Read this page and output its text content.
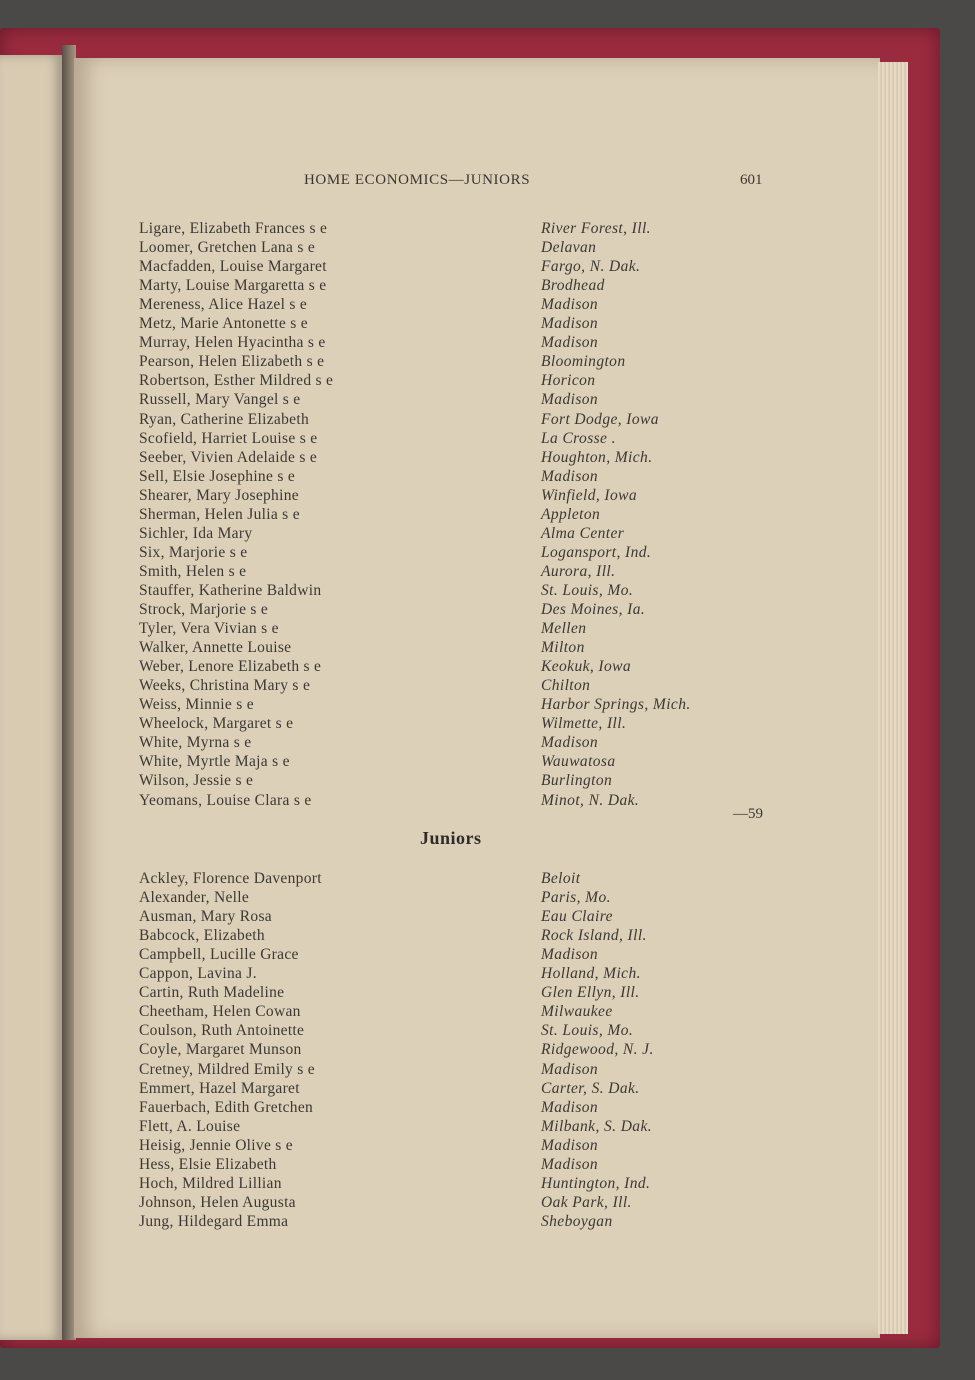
HOME ECONOMICS—JUNIORS	601
Ligare, Elizabeth Frances s e	River Forest, Ill.
Loomer, Gretchen Lana s e	Delavan
Macfadden, Louise Margaret	Fargo, N. Dak.
Marty, Louise Margaretta s e	Brodhead
Mereness, Alice Hazel s e	Madison
Metz, Marie Antonette s e	Madison
Murray, Helen Hyacintha s e	Madison
Pearson, Helen Elizabeth s e	Bloomington
Robertson, Esther Mildred s e	Horicon
Russell, Mary Vangel s e	Madison
Ryan, Catherine Elizabeth	Fort Dodge, Iowa
Scofield, Harriet Louise s e	La Crosse .
Seeber, Vivien Adelaide s e	Houghton, Mich.
Sell, Elsie Josephine s e	Madison
Shearer, Mary Josephine	Winfield, Iowa
Sherman, Helen Julia s e	Appleton
Sichler, Ida Mary	Alma Center
Six, Marjorie s e	Logansport, Ind.
Smith, Helen s e	Aurora, Ill.
Stauffer, Katherine Baldwin	St. Louis, Mo.
Strock, Marjorie s e	Des Moines, Ia.
Tyler, Vera Vivian s e	Mellen
Walker, Annette Louise	Milton
Weber, Lenore Elizabeth s e	Keokuk, Iowa
Weeks, Christina Mary s e	Chilton
Weiss, Minnie s e	Harbor Springs, Mich.
Wheelock, Margaret s e	Wilmette, Ill.
White, Myrna s e	Madison
White, Myrtle Maja s e	Wauwatosa
Wilson, Jessie s e	Burlington
Yeomans, Louise Clara s e	Minot, N. Dak.
—59
Juniors
Ackley, Florence Davenport	Beloit
Alexander, Nelle	Paris, Mo.
Ausman, Mary Rosa	Eau Claire
Babcock, Elizabeth	Rock Island, Ill.
Campbell, Lucille Grace	Madison
Cappon, Lavina J.	Holland, Mich.
Cartin, Ruth Madeline	Glen Ellyn, Ill.
Cheetham, Helen Cowan	Milwaukee
Coulson, Ruth Antoinette	St. Louis, Mo.
Coyle, Margaret Munson	Ridgewood, N. J.
Cretney, Mildred Emily s e	Madison
Emmert, Hazel Margaret	Carter, S. Dak.
Fauerbach, Edith Gretchen	Madison
Flett, A. Louise	Milbank, S. Dak.
Heisig, Jennie Olive s e	Madison
Hess, Elsie Elizabeth	Madison
Hoch, Mildred Lillian	Huntington, Ind.
Johnson, Helen Augusta	Oak Park, Ill.
Jung, Hildegard Emma	Sheboygan
